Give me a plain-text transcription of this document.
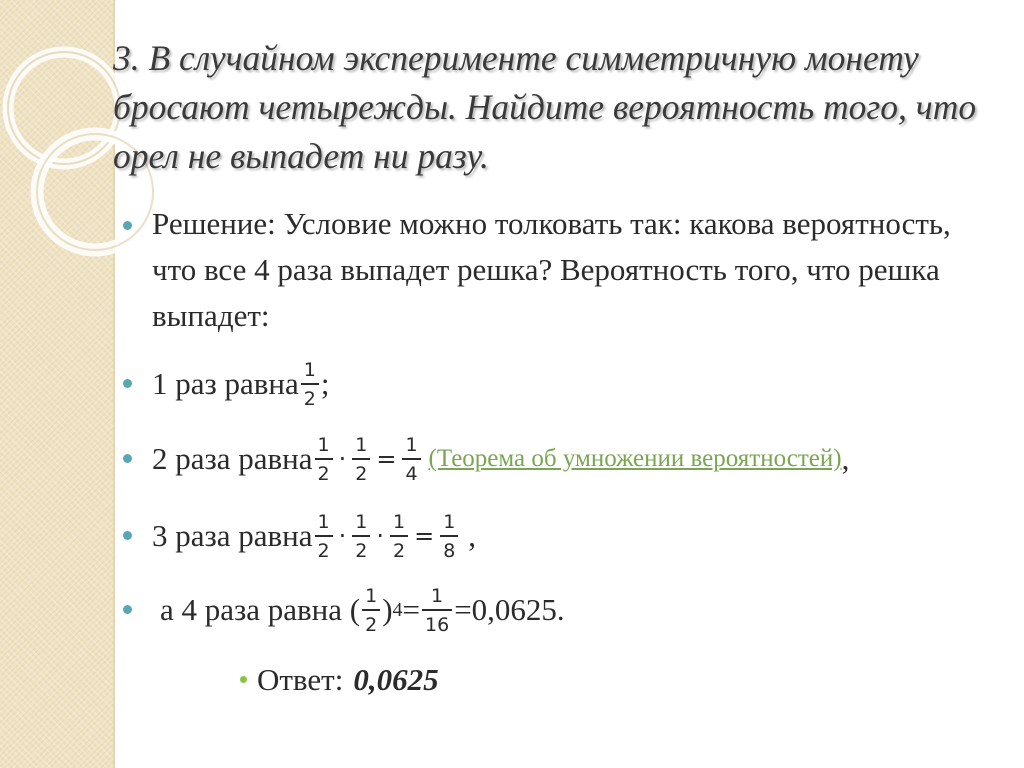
3. В случайном эксперименте симметричную монету бросают четырежды. Найдите вероятность того, что орел не выпадет ни разу.

Решение: Условие можно толковать так: какова вероятность, что все 4 раза выпадет решка? Вероятность того, что решка выпадет:

1 раз равна $\frac{1}{2}$ ;
2 раза равна $\frac{1}{2} \cdot \frac{1}{2} = \frac{1}{4}$ (Теорема об умножении вероятностей) ,
3 раза равна $\frac{1}{2} \cdot \frac{1}{2} \cdot \frac{1}{2} = \frac{1}{8}$ ,
а 4 раза равна ( $\frac{1}{2}$ ) $4 = \frac{1}{16} =0,0625$.
Ответ: 0,0625
